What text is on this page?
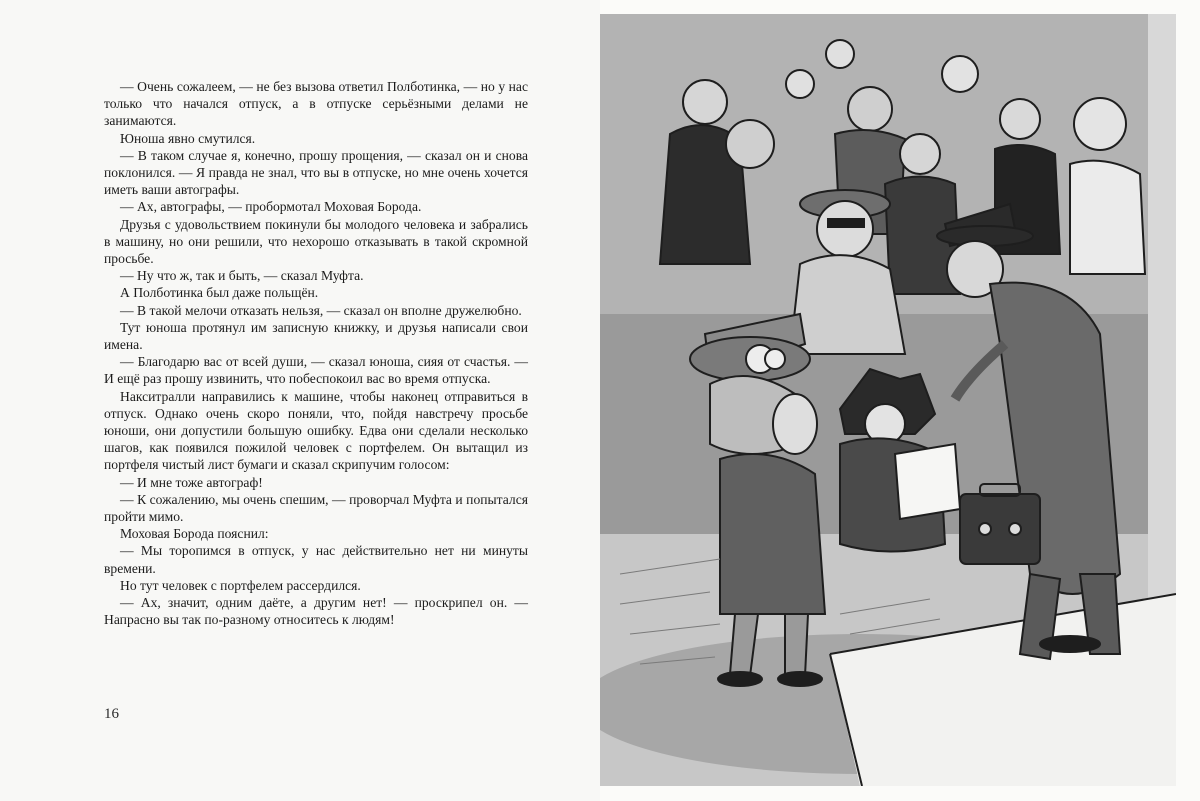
— Очень сожалеем, — не без вызова ответил Полботинка, — но у нас только что начался отпуск, а в отпуске серьёзными делами не занимаются.

Юноша явно смутился.

— В таком случае я, конечно, прошу прощения, — сказал он и снова поклонился. — Я правда не знал, что вы в отпуске, но мне очень хочется иметь ваши автографы.

— Ах, автографы, — пробормотал Моховая Борода.

Друзья с удовольствием покинули бы молодого человека и забрались в машину, но они решили, что нехорошо отказывать в такой скромной просьбе.

— Ну что ж, так и быть, — сказал Муфта.

А Полботинка был даже польщён.

— В такой мелочи отказать нельзя, — сказал он вполне дружелюбно.

Тут юноша протянул им записную книжку, и друзья написали свои имена.

— Благодарю вас от всей души, — сказал юноша, сияя от счастья. — И ещё раз прошу извинить, что побеспокоил вас во время отпуска.

Накситралли направились к машине, чтобы наконец отправиться в отпуск. Однако очень скоро поняли, что, пойдя навстречу просьбе юноши, они допустили большую ошибку. Едва они сделали несколько шагов, как появился пожилой человек с портфелем. Он вытащил из портфеля чистый лист бумаги и сказал скрипучим голосом:

— И мне тоже автограф!

— К сожалению, мы очень спешим, — проворчал Муфта и попытался пройти мимо.

Моховая Борода пояснил:

— Мы торопимся в отпуск, у нас действительно нет ни минуты времени.

Но тут человек с портфелем рассердился.

— Ах, значит, одним даёте, а другим нет! — проскрипел он. — Напрасно вы так по-разному относитесь к людям!

16
